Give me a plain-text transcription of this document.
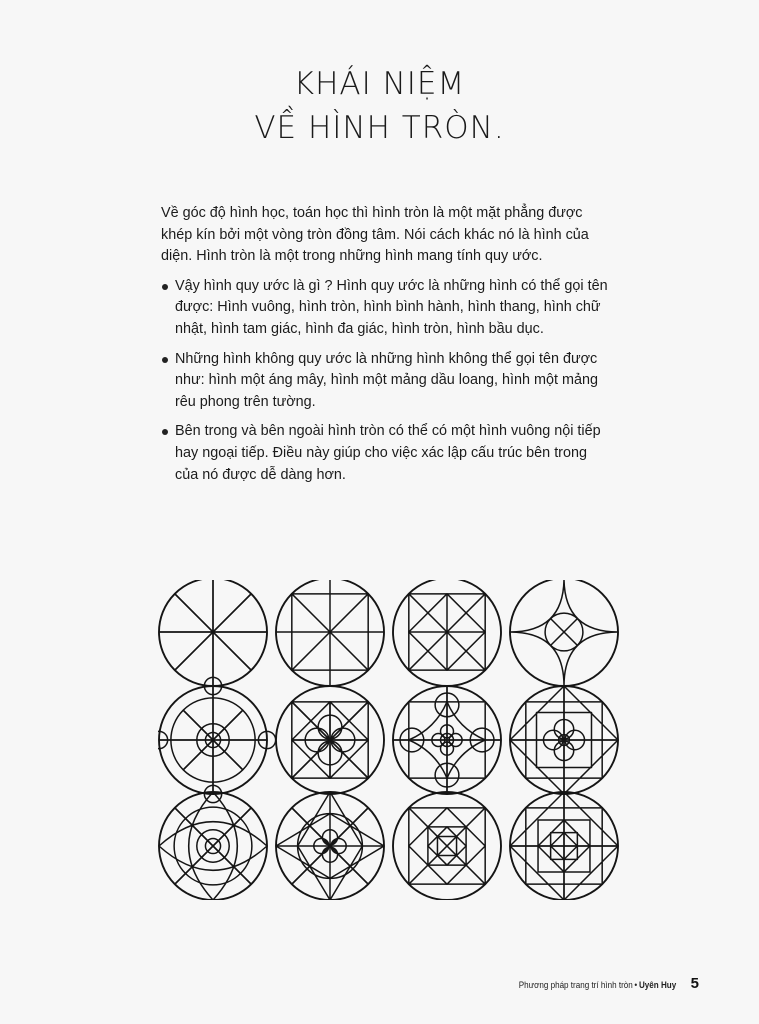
KHÁI NIỆM
VỀ HÌNH TRÒN.

Về góc độ hình học, toán học thì hình tròn là một mặt phẳng được khép kín bởi một vòng tròn đồng tâm. Nói cách khác nó là hình của diện. Hình tròn là một trong những hình mang tính quy ước.

Vậy hình quy ước là gì ? Hình quy ước là những hình có thể gọi tên được: Hình vuông, hình tròn, hình bình hành, hình thang, hình chữ nhật, hình tam giác, hình đa giác, hình tròn, hình bầu dục.
Những hình không quy ước là những hình không thể gọi tên được như: hình một áng mây, hình một mảng dầu loang, hình một mảng rêu phong trên tường.
Bên trong và bên ngoài hình tròn có thể có một hình vuông nội tiếp hay ngoại tiếp. Điều này giúp cho việc xác lập cấu trúc bên trong của nó được dễ dàng hơn.
Phương pháp trang trí hình tròn • Uyên Huy 5
